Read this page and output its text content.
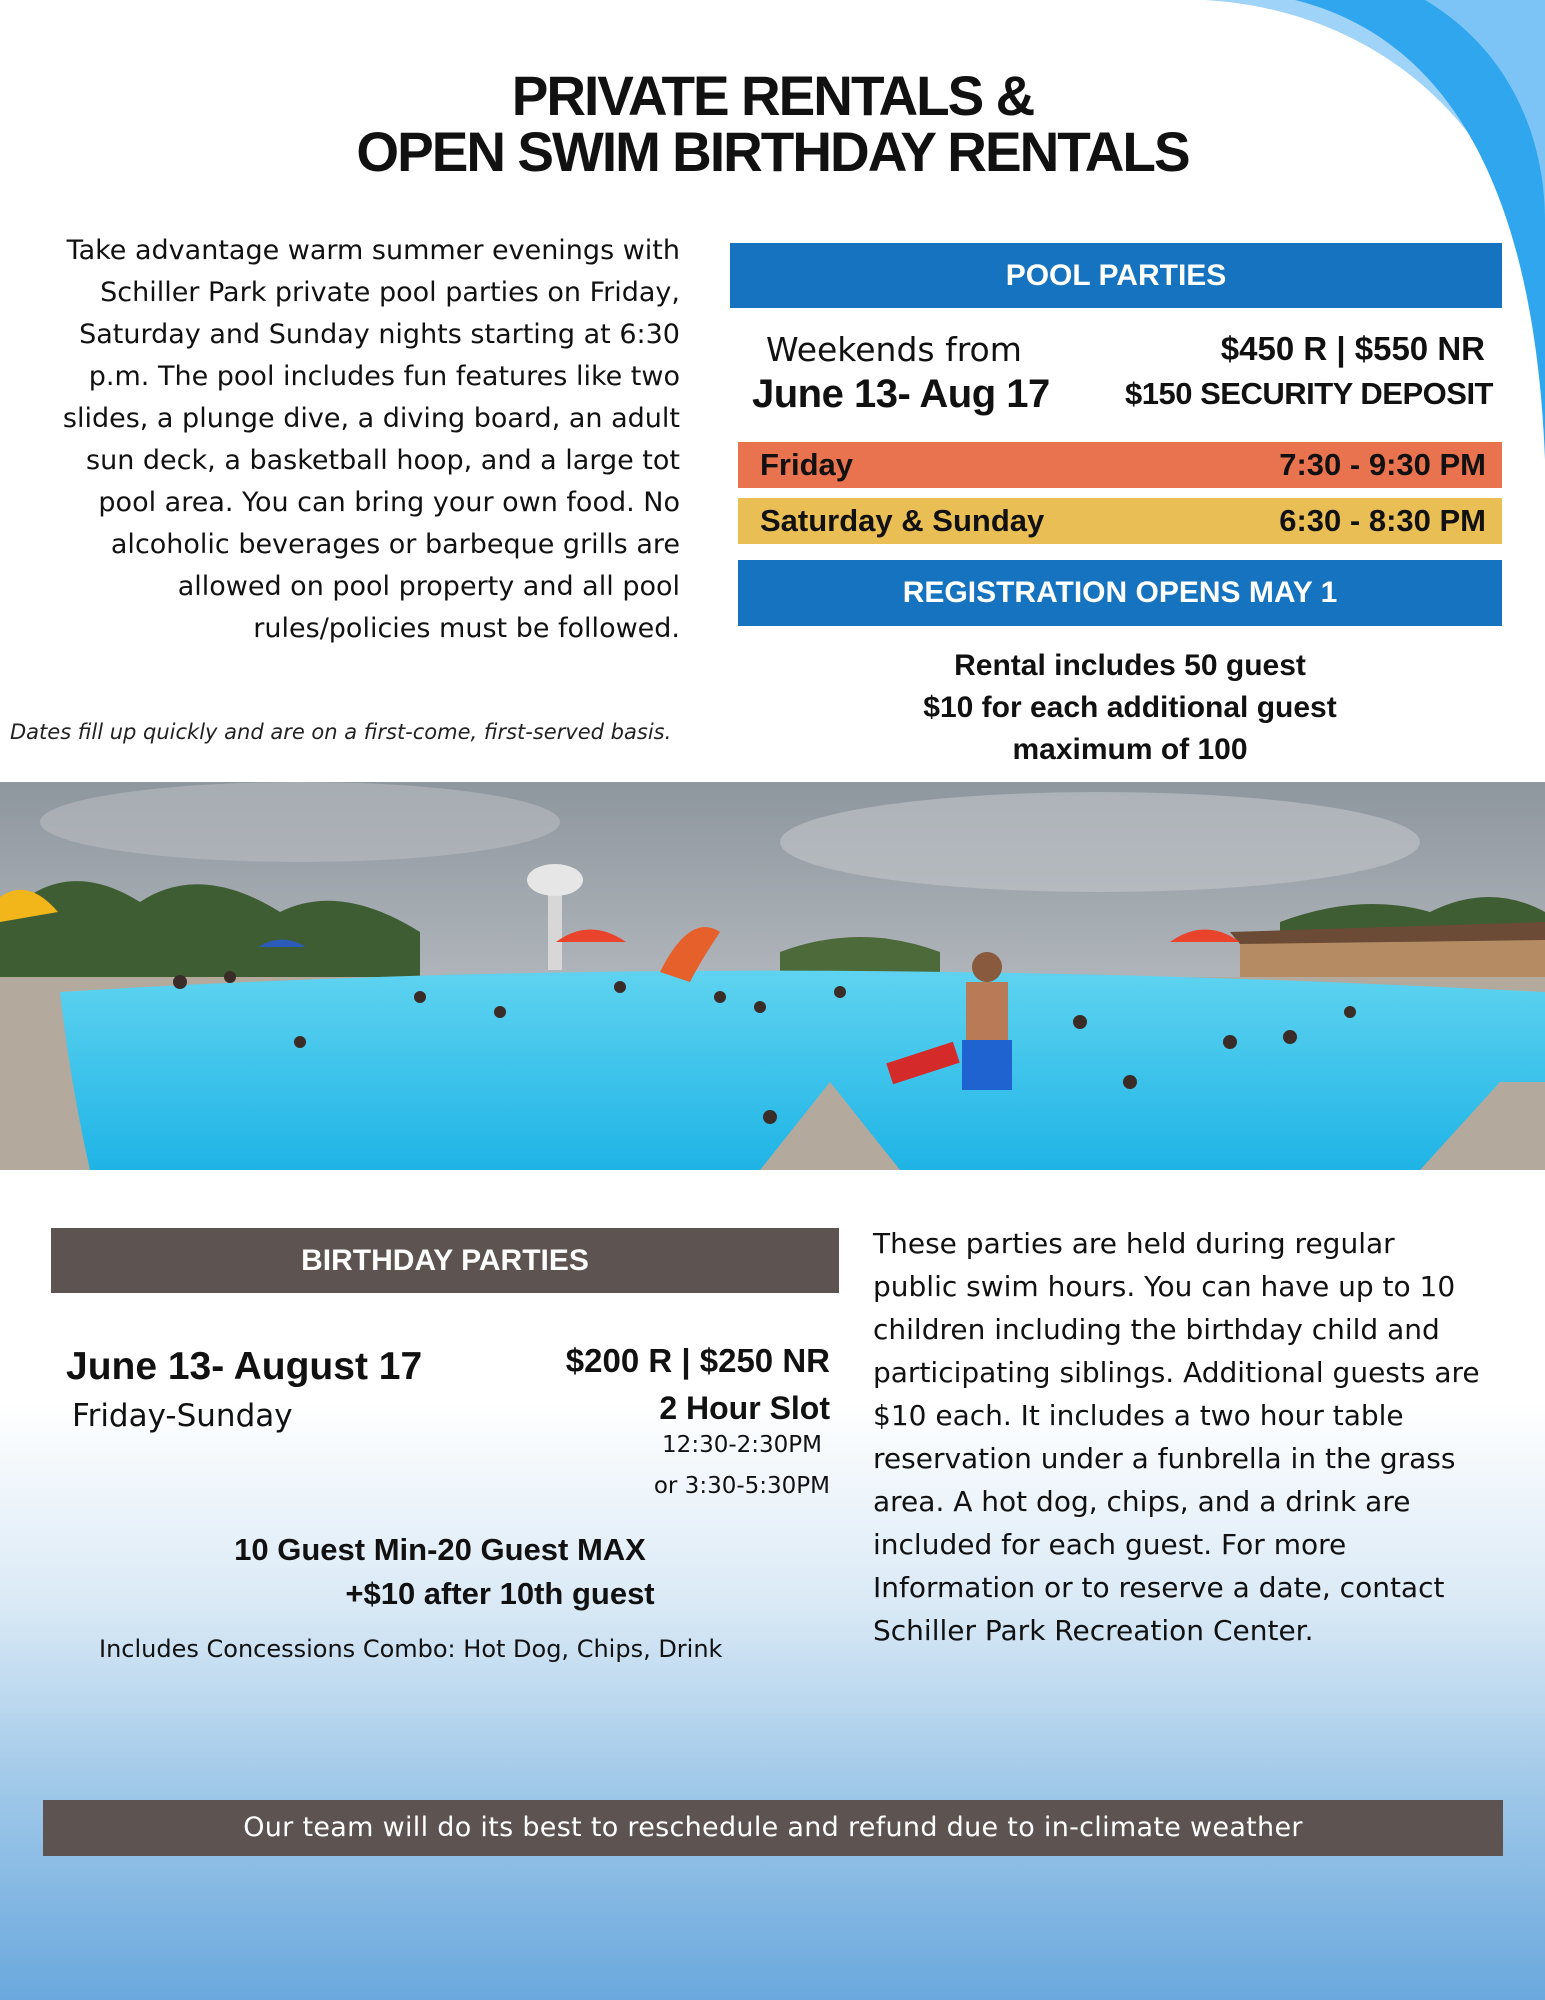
PRIVATE RENTALS &
OPEN SWIM BIRTHDAY RENTALS
Take advantage warm summer evenings with Schiller Park private pool parties on Friday, Saturday and Sunday nights starting at 6:30 p.m. The pool includes fun features like two slides, a plunge dive, a diving board, an adult sun deck, a basketball hoop, and a large tot pool area. You can bring your own food. No alcoholic beverages or barbeque grills are allowed on pool property and all pool rules/policies must be followed.
Dates fill up quickly and are on a first-come, first-served basis.
POOL PARTIES
Weekends from
June 13- Aug 17
$450 R | $550 NR
$150 SECURITY DEPOSIT
Friday	7:30 - 9:30 PM
Saturday & Sunday	6:30 - 8:30 PM
REGISTRATION OPENS MAY 1
Rental includes 50 guest
$10 for each additional guest
maximum of 100
BIRTHDAY PARTIES
June 13- August 17
Friday-Sunday
$200 R | $250 NR
2 Hour Slot
12:30-2:30PM
or 3:30-5:30PM
10 Guest Min-20 Guest MAX
+$10 after 10th guest
Includes Concessions Combo: Hot Dog, Chips, Drink
These parties are held during regular public swim hours. You can have up to 10 children including the birthday child and participating siblings. Additional guests are $10 each. It includes a two hour table reservation under a funbrella in the grass area. A hot dog, chips, and a drink are included for each guest. For more Information or to reserve a date, contact Schiller Park Recreation Center.
Our team will do its best to reschedule and refund due to in-climate weather
